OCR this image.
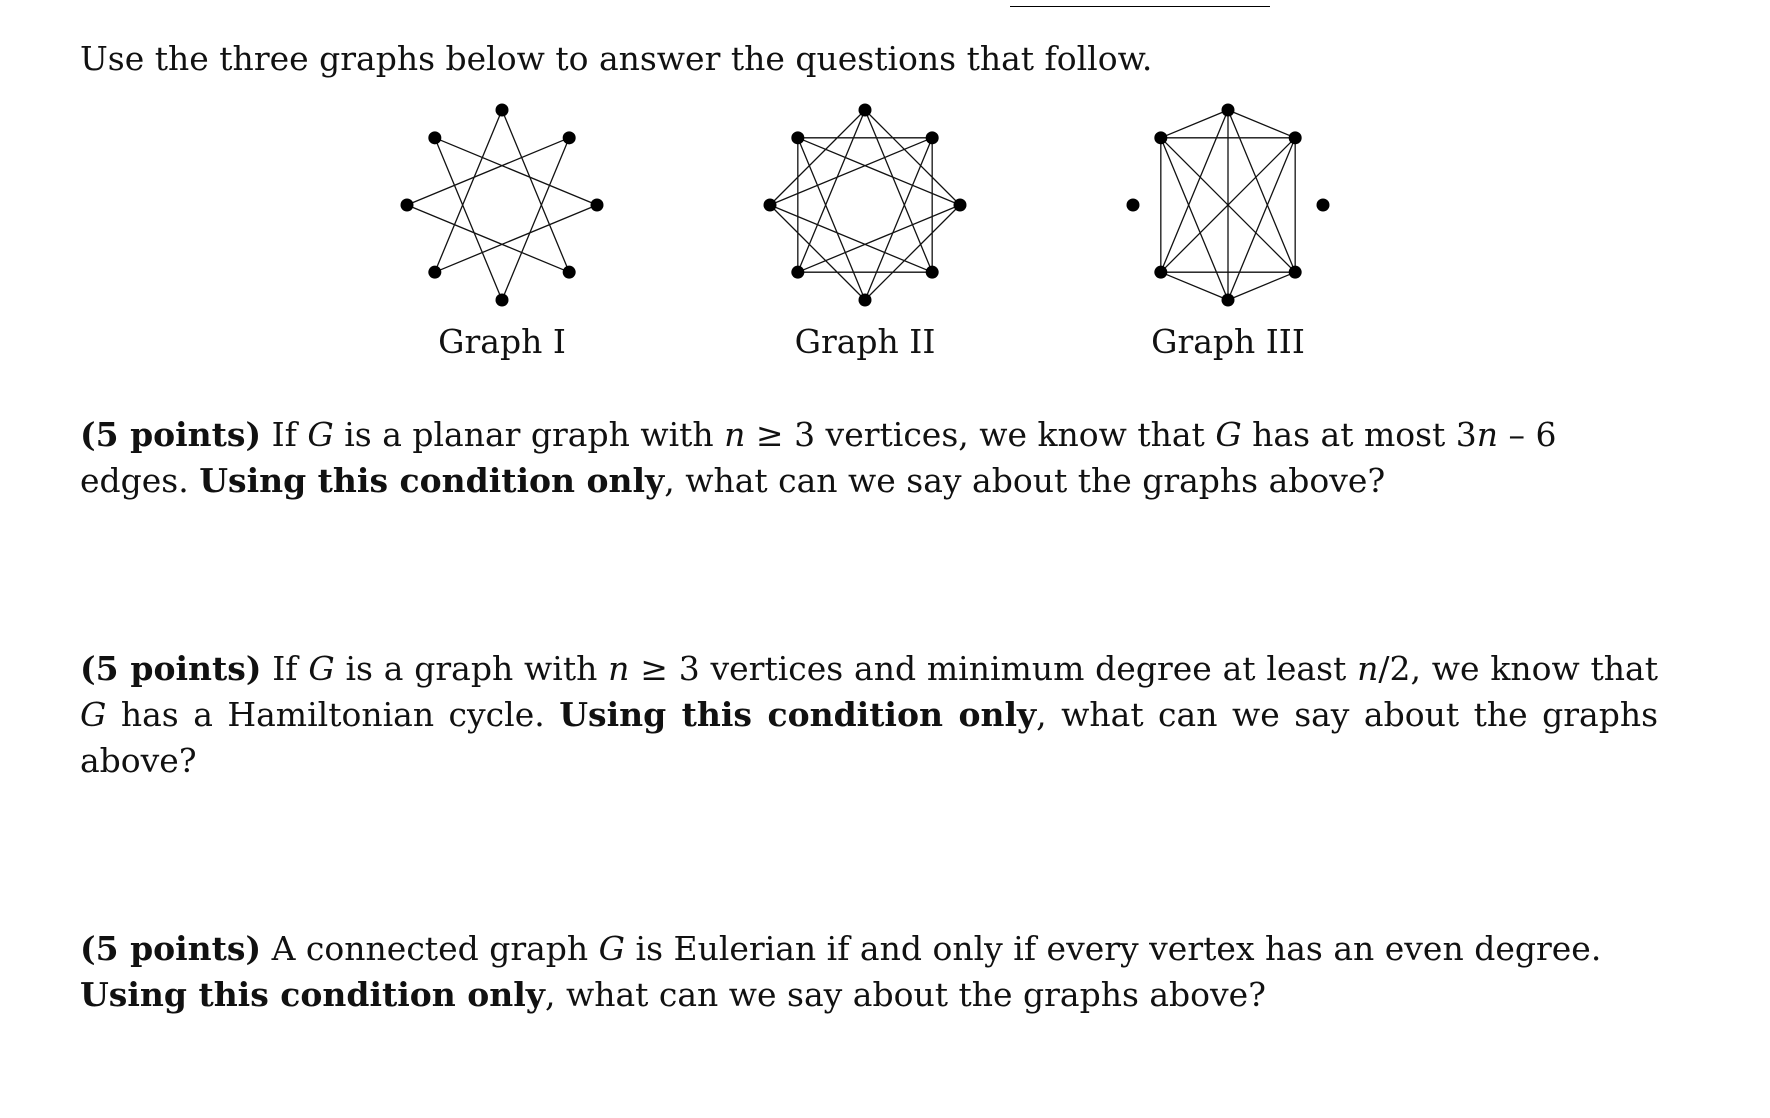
Use the three graphs below to answer the questions that follow.
Graph I	Graph II	Graph III
(5 points) If G is a planar graph with n ≥ 3 vertices, we know that G has at most 3n – 6 edges. Using this condition only, what can we say about the graphs above?
(5 points) If G is a graph with n ≥ 3 vertices and minimum degree at least n/2, we know that G has a Hamiltonian cycle. Using this condition only, what can we say about the graphs above?
(5 points) A connected graph G is Eulerian if and only if every vertex has an even degree. Using this condition only, what can we say about the graphs above?
